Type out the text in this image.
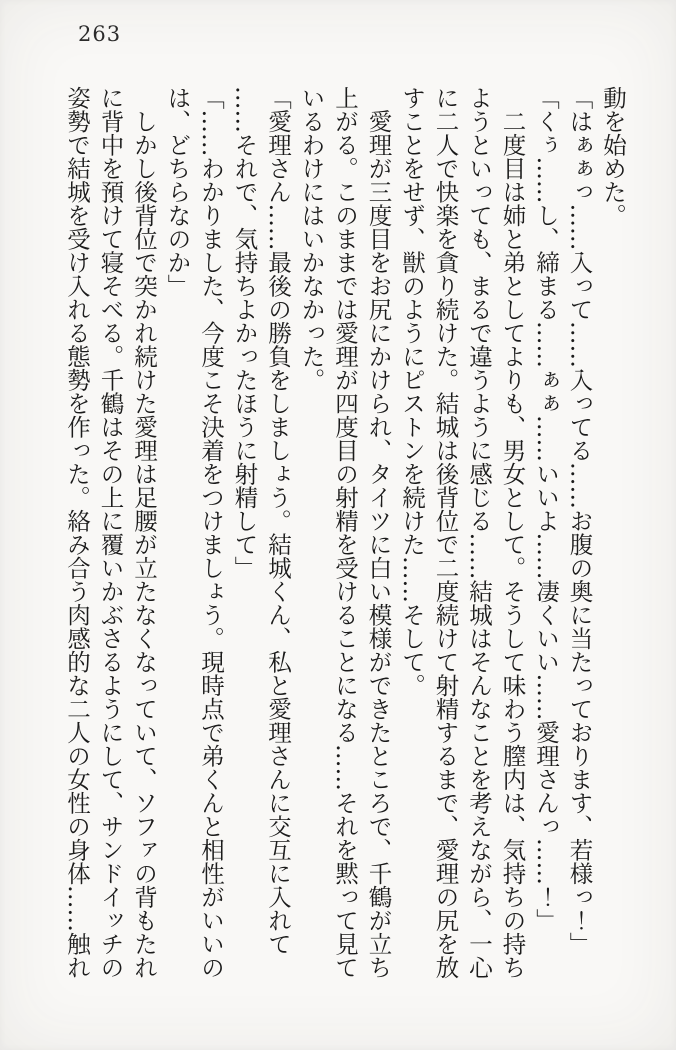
263
動を始めた。
「はぁぁっ……入って……入ってる……お腹の奥に当たっております、若様っ！」
「くぅ……し、締まる……ぁぁ……いいよ……凄くいい……愛理さんっ……！」
　二度目は姉と弟としてよりも、男女として。そうして味わう膣内は、気持ちの持ち
ようといっても、まるで違うように感じる……結城はそんなことを考えながら、一心
に二人で快楽を貪り続けた。結城は後背位で二度続けて射精するまで、愛理の尻を放
すことをせず、獣のようにピストンを続けた……そして。
　愛理が三度目をお尻にかけられ、タイツに白い模様ができたところで、千鶴が立ち
上がる。このままでは愛理が四度目の射精を受けることになる……それを黙って見て
いるわけにはいかなかった。
「愛理さん……最後の勝負をしましょう。結城くん、私と愛理さんに交互に入れて
……それで、気持ちよかったほうに射精して」
「……わかりました、今度こそ決着をつけましょう。現時点で弟くんと相性がいいの
は、どちらなのか」
　しかし後背位で突かれ続けた愛理は足腰が立たなくなっていて、ソファの背もたれ
に背中を預けて寝そべる。千鶴はその上に覆いかぶさるようにして、サンドイッチの
姿勢で結城を受け入れる態勢を作った。絡み合う肉感的な二人の女性の身体……触れ
